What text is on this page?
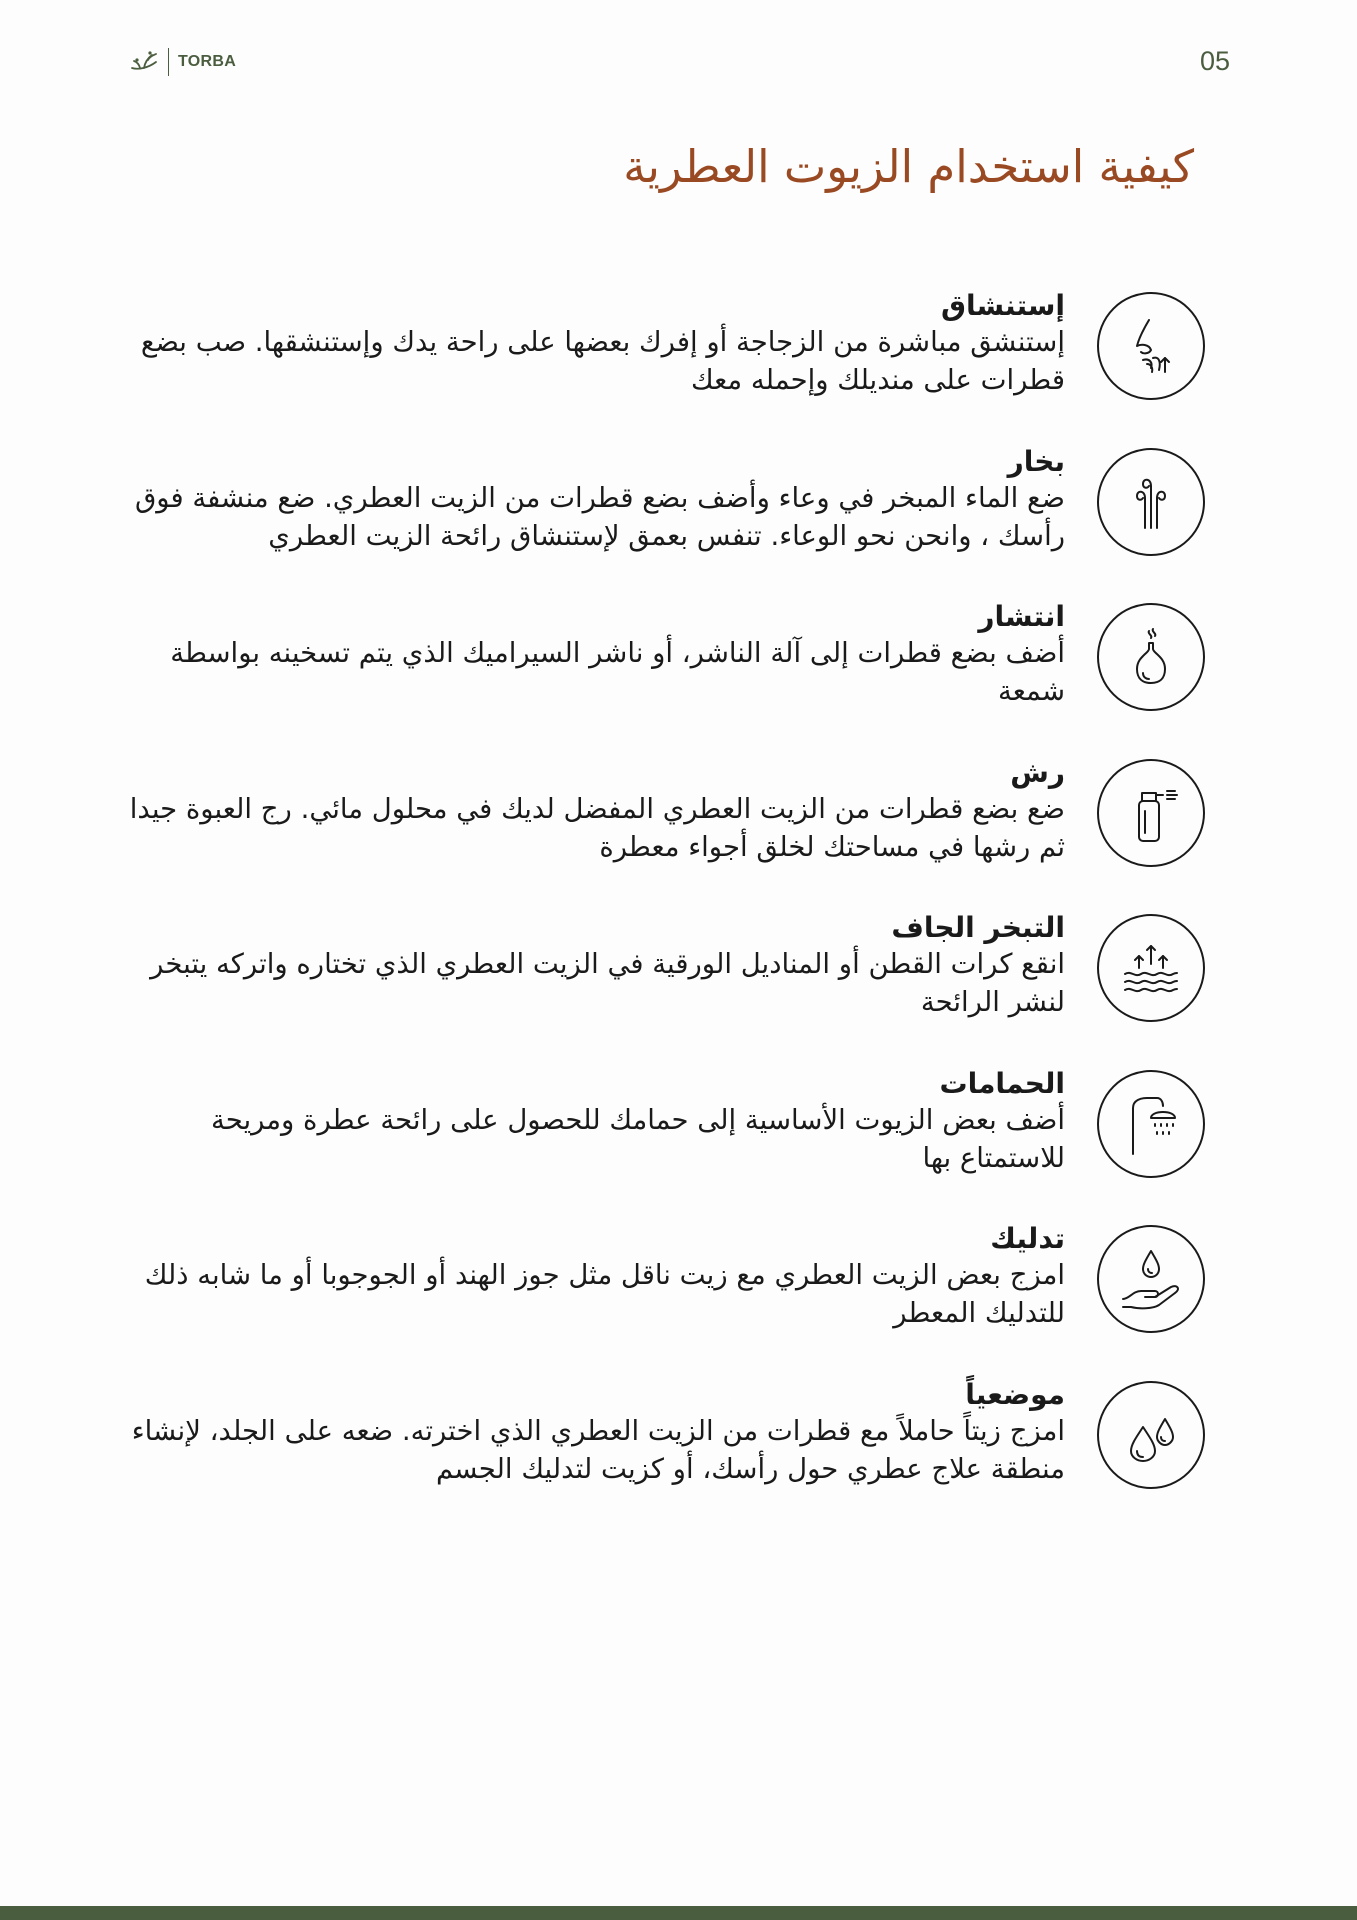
TORBA	05
كيفية استخدام الزيوت العطرية

إستنشاق

إستنشق مباشرة من الزجاجة أو إفرك بعضها على راحة يدك وإستنشقها. صب بضع قطرات على منديلك وإحمله معك

بخار

ضع الماء المبخر في وعاء وأضف بضع قطرات من الزيت العطري. ضع منشفة فوق رأسك ، وانحن نحو الوعاء. تنفس بعمق لإستنشاق رائحة الزيت العطري

انتشار

أضف بضع قطرات إلى آلة الناشر، أو ناشر السيراميك الذي يتم تسخينه بواسطة شمعة

رش

ضع بضع قطرات من الزيت العطري المفضل لديك في محلول مائي. رج العبوة جيدا ثم رشها في مساحتك لخلق أجواء معطرة

التبخر الجاف

انقع كرات القطن أو المناديل الورقية في الزيت العطري الذي تختاره واتركه يتبخر لنشر الرائحة

الحمامات

أضف بعض الزيوت الأساسية إلى حمامك للحصول على رائحة عطرة ومريحة للاستمتاع بها

تدليك

امزج بعض الزيت العطري مع زيت ناقل مثل جوز الهند أو الجوجوبا أو ما شابه ذلك للتدليك المعطر

موضعياً

امزج زيتاً حاملاً مع قطرات من الزيت العطري الذي اخترته. ضعه على الجلد، لإنشاء منطقة علاج عطري حول رأسك، أو كزيت لتدليك الجسم
